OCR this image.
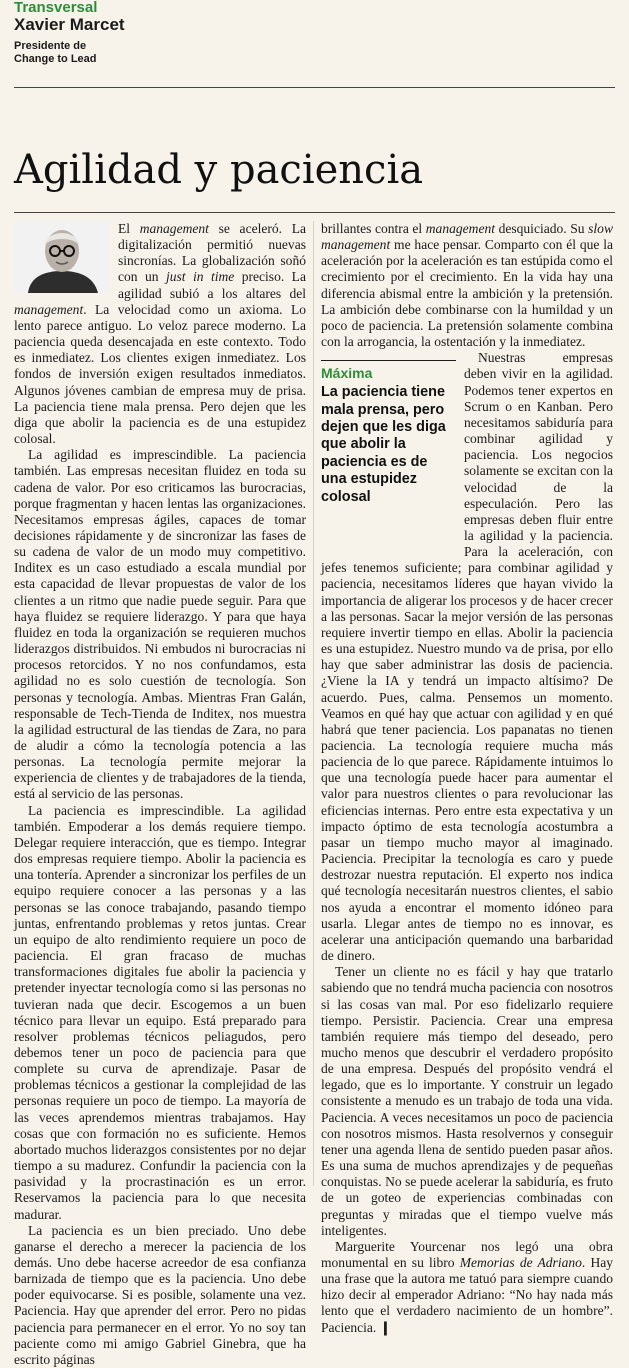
Transversal

Xavier Marcet

Presidente de
Change to Lead
Agilidad y paciencia

El management se aceleró. La digitalización permitió nuevas sincronías. La globalización soñó con un just in time preciso. La agilidad subió a los altares del management. La velocidad como un axioma. Lo lento parece antiguo. Lo veloz parece moderno. La paciencia queda desencajada en este contexto. Todo es inmediatez. Los clientes exigen inmediatez. Los fondos de inversión exigen resultados inmediatos. Algunos jóvenes cambian de empresa muy de prisa. La paciencia tiene mala prensa. Pero dejen que les diga que abolir la paciencia es de una estupidez colosal.

La agilidad es imprescindible. La paciencia también. Las empresas necesitan fluidez en toda su cadena de valor. Por eso criticamos las burocracias, porque fragmentan y hacen lentas las organizaciones. Necesitamos empresas ágiles, capaces de tomar decisiones rápidamente y de sincronizar las fases de su cadena de valor de un modo muy competitivo. Inditex es un caso estudiado a escala mundial por esta capacidad de llevar propuestas de valor de los clientes a un ritmo que nadie puede seguir. Para que haya fluidez se requiere liderazgo. Y para que haya fluidez en toda la organización se requieren muchos liderazgos distribuidos. Ni embudos ni burocracias ni procesos retorcidos. Y no nos confundamos, esta agilidad no es solo cuestión de tecnología. Son personas y tecnología. Ambas. Mientras Fran Galán, responsable de Tech-Tienda de Inditex, nos muestra la agilidad estructural de las tiendas de Zara, no para de aludir a cómo la tecnología potencia a las personas. La tecnología permite mejorar la experiencia de clientes y de trabajadores de la tienda, está al servicio de las personas.

La paciencia es imprescindible. La agilidad también. Empoderar a los demás requiere tiempo. Delegar requiere interacción, que es tiempo. Integrar dos empresas requiere tiempo. Abolir la paciencia es una tontería. Aprender a sincronizar los perfiles de un equipo requiere conocer a las personas y a las personas se las conoce trabajando, pasando tiempo juntas, enfrentando problemas y retos juntas. Crear un equipo de alto rendimiento requiere un poco de paciencia. El gran fracaso de muchas transformaciones digitales fue abolir la paciencia y pretender inyectar tecnología como si las personas no tuvieran nada que decir. Escogemos a un buen técnico para llevar un equipo. Está preparado para resolver problemas técnicos peliagudos, pero debemos tener un poco de paciencia para que complete su curva de aprendizaje. Pasar de problemas técnicos a gestionar la complejidad de las personas requiere un poco de tiempo. La mayoría de las veces aprendemos mientras trabajamos. Hay cosas que con formación no es suficiente. Hemos abortado muchos liderazgos consistentes por no dejar tiempo a su madurez. Confundir la paciencia con la pasividad y la procrastinación es un error. Reservamos la paciencia para lo que necesita madurar.

La paciencia es un bien preciado. Uno debe ganarse el derecho a merecer la paciencia de los demás. Uno debe hacerse acreedor de esa confianza barnizada de tiempo que es la paciencia. Uno debe poder equivocarse. Si es posible, solamente una vez. Paciencia. Hay que aprender del error. Pero no pidas paciencia para permanecer en el error. Yo no soy tan paciente como mi amigo Gabriel Ginebra, que ha escrito páginas

brillantes contra el management desquiciado. Su slow management me hace pensar. Comparto con él que la aceleración por la aceleración es tan estúpida como el crecimiento por el crecimiento. En la vida hay una diferencia abismal entre la ambición y la pretensión. La ambición debe combinarse con la humildad y un poco de paciencia. La pretensión solamente combina con la arrogancia, la ostentación y la inmediatez.

Máxima
La paciencia tiene mala prensa, pero dejen que les diga que abolir la paciencia es de una estupidez colosal
Nuestras empresas deben vivir en la agilidad. Podemos tener expertos en Scrum o en Kanban. Pero necesitamos sabiduría para combinar agilidad y paciencia. Los negocios solamente se excitan con la velocidad de la especulación. Pero las empresas deben fluir entre la agilidad y la paciencia. Para la aceleración, con jefes tenemos suficiente; para combinar agilidad y paciencia, necesitamos líderes que hayan vivido la importancia de aligerar los procesos y de hacer crecer a las personas. Sacar la mejor versión de las personas requiere invertir tiempo en ellas. Abolir la paciencia es una estupidez. Nuestro mundo va de prisa, por ello hay que saber administrar las dosis de paciencia. ¿Viene la IA y tendrá un impacto altísimo? De acuerdo. Pues, calma. Pensemos un momento. Veamos en qué hay que actuar con agilidad y en qué habrá que tener paciencia. Los papanatas no tienen paciencia. La tecnología requiere mucha más paciencia de lo que parece. Rápidamente intuimos lo que una tecnología puede hacer para aumentar el valor para nuestros clientes o para revolucionar las eficiencias internas. Pero entre esta expectativa y un impacto óptimo de esta tecnología acostumbra a pasar un tiempo mucho mayor al imaginado. Paciencia. Precipitar la tecnología es caro y puede destrozar nuestra reputación. El experto nos indica qué tecnología necesitarán nuestros clientes, el sabio nos ayuda a encontrar el momento idóneo para usarla. Llegar antes de tiempo no es innovar, es acelerar una anticipación quemando una barbaridad de dinero.

Tener un cliente no es fácil y hay que tratarlo sabiendo que no tendrá mucha paciencia con nosotros si las cosas van mal. Por eso fidelizarlo requiere tiempo. Persistir. Paciencia. Crear una empresa también requiere más tiempo del deseado, pero mucho menos que descubrir el verdadero propósito de una empresa. Después del propósito vendrá el legado, que es lo importante. Y construir un legado consistente a menudo es un trabajo de toda una vida. Paciencia. A veces necesitamos un poco de paciencia con nosotros mismos. Hasta resolvernos y conseguir tener una agenda llena de sentido pueden pasar años. Es una suma de muchos aprendizajes y de pequeñas conquistas. No se puede acelerar la sabiduría, es fruto de un goteo de experiencias combinadas con preguntas y miradas que el tiempo vuelve más inteligentes.

Marguerite Yourcenar nos legó una obra monumental en su libro Memorias de Adriano. Hay una frase que la autora me tatuó para siempre cuando hizo decir al emperador Adriano: “No hay nada más lento que el verdadero nacimiento de un hombre”. Paciencia. ❙
